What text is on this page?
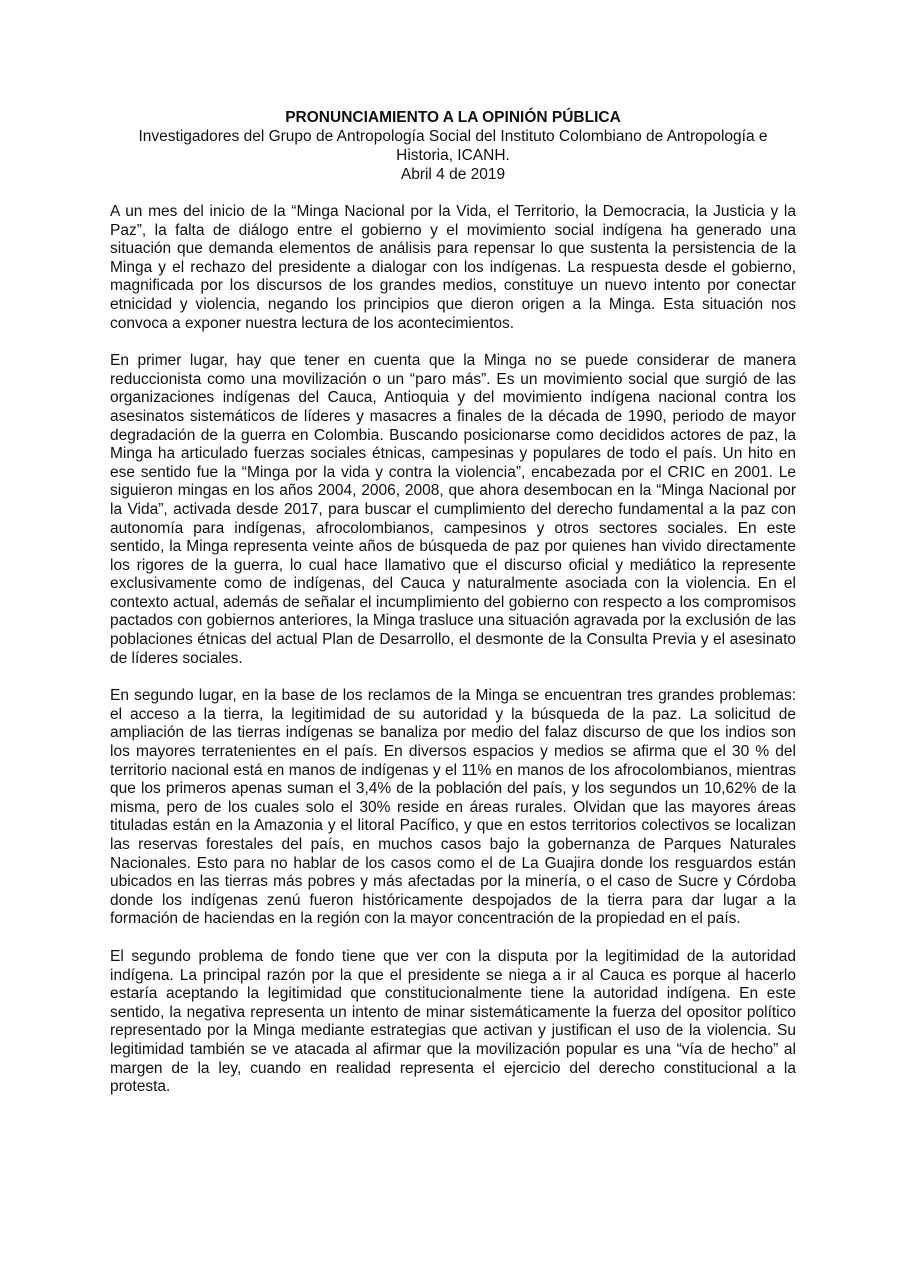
PRONUNCIAMIENTO A LA OPINIÓN PÚBLICA
Investigadores del Grupo de Antropología Social del Instituto Colombiano de Antropología e
Historia, ICANH.
Abril 4 de 2019

A un mes del inicio de la “Minga Nacional por la Vida, el Territorio, la Democracia, la Justicia y la Paz”, la falta de diálogo entre el gobierno y el movimiento social indígena ha generado una situación que demanda elementos de análisis para repensar lo que sustenta la persistencia de la Minga y el rechazo del presidente a dialogar con los indígenas. La respuesta desde el gobierno, magnificada por los discursos de los grandes medios, constituye un nuevo intento por conectar etnicidad y violencia, negando los principios que dieron origen a la Minga. Esta situación nos convoca a exponer nuestra lectura de los acontecimientos.

En primer lugar, hay que tener en cuenta que la Minga no se puede considerar de manera reduccionista como una movilización o un “paro más”. Es un movimiento social que surgió de las organizaciones indígenas del Cauca, Antioquia y del movimiento indígena nacional contra los asesinatos sistemáticos de líderes y masacres a finales de la década de 1990, periodo de mayor degradación de la guerra en Colombia. Buscando posicionarse como decididos actores de paz, la Minga ha articulado fuerzas sociales étnicas, campesinas y populares de todo el país. Un hito en ese sentido fue la “Minga por la vida y contra la violencia”, encabezada por el CRIC en 2001. Le siguieron mingas en los años 2004, 2006, 2008, que ahora desembocan en la “Minga Nacional por la Vida”, activada desde 2017, para buscar el cumplimiento del derecho fundamental a la paz con autonomía para indígenas, afrocolombianos, campesinos y otros sectores sociales. En este sentido, la Minga representa veinte años de búsqueda de paz por quienes han vivido directamente los rigores de la guerra, lo cual hace llamativo que el discurso oficial y mediático la represente exclusivamente como de indígenas, del Cauca y naturalmente asociada con la violencia. En el contexto actual, además de señalar el incumplimiento del gobierno con respecto a los compromisos pactados con gobiernos anteriores, la Minga trasluce una situación agravada por la exclusión de las poblaciones étnicas del actual Plan de Desarrollo, el desmonte de la Consulta Previa y el asesinato de líderes sociales.

En segundo lugar, en la base de los reclamos de la Minga se encuentran tres grandes problemas: el acceso a la tierra, la legitimidad de su autoridad y la búsqueda de la paz. La solicitud de ampliación de las tierras indígenas se banaliza por medio del falaz discurso de que los indios son los mayores terratenientes en el país. En diversos espacios y medios se afirma que el 30 % del territorio nacional está en manos de indígenas y el 11% en manos de los afrocolombianos, mientras que los primeros apenas suman el 3,4% de la población del país, y los segundos un 10,62% de la misma, pero de los cuales solo el 30% reside en áreas rurales. Olvidan que las mayores áreas tituladas están en la Amazonia y el litoral Pacífico, y que en estos territorios colectivos se localizan las reservas forestales del país, en muchos casos bajo la gobernanza de Parques Naturales Nacionales. Esto para no hablar de los casos como el de La Guajira donde los resguardos están ubicados en las tierras más pobres y más afectadas por la minería, o el caso de Sucre y Córdoba donde los indígenas zenú fueron históricamente despojados de la tierra para dar lugar a la formación de haciendas en la región con la mayor concentración de la propiedad en el país.

El segundo problema de fondo tiene que ver con la disputa por la legitimidad de la autoridad indígena. La principal razón por la que el presidente se niega a ir al Cauca es porque al hacerlo estaría aceptando la legitimidad que constitucionalmente tiene la autoridad indígena. En este sentido, la negativa representa un intento de minar sistemáticamente la fuerza del opositor político representado por la Minga mediante estrategias que activan y justifican el uso de la violencia. Su legitimidad también se ve atacada al afirmar que la movilización popular es una “vía de hecho” al margen de la ley, cuando en realidad representa el ejercicio del derecho constitucional a la protesta.
